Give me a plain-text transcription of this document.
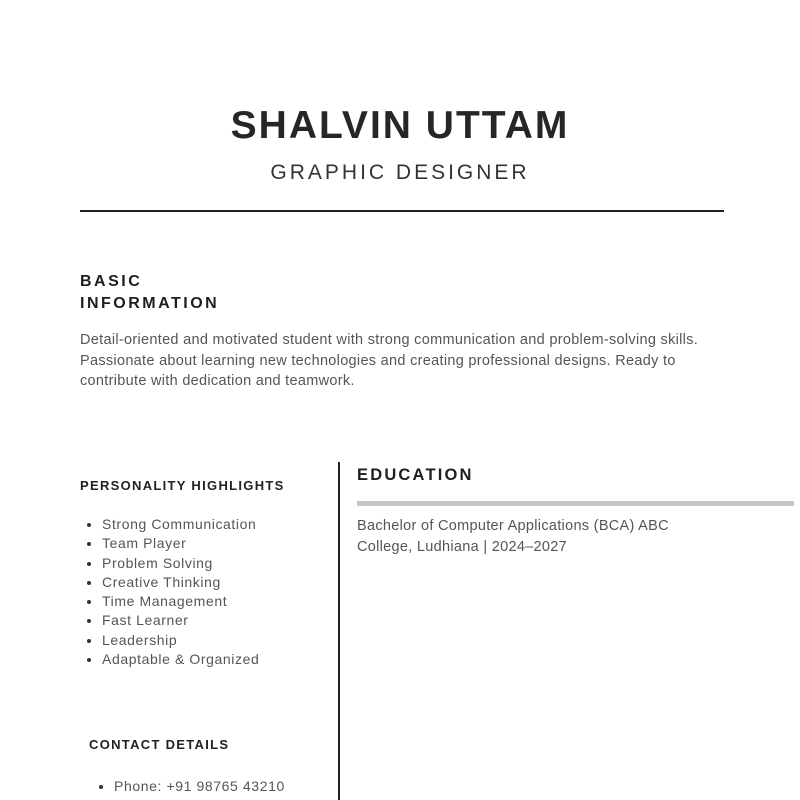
SHALVIN UTTAM
GRAPHIC DESIGNER
BASIC
INFORMATION

Detail-oriented and motivated student with strong communication and problem-solving skills. Passionate about learning new technologies and creating professional designs. Ready to contribute with dedication and teamwork.

PERSONALITY HIGHLIGHTS
• Strong Communication
• Team Player
• Problem Solving
• Creative Thinking
• Time Management
• Fast Learner
• Leadership
• Adaptable & Organized
CONTACT DETAILS
• Phone: +91 98765 43210
EDUCATION

Bachelor of Computer Applications (BCA) ABC College, Ludhiana | 2024–2027
